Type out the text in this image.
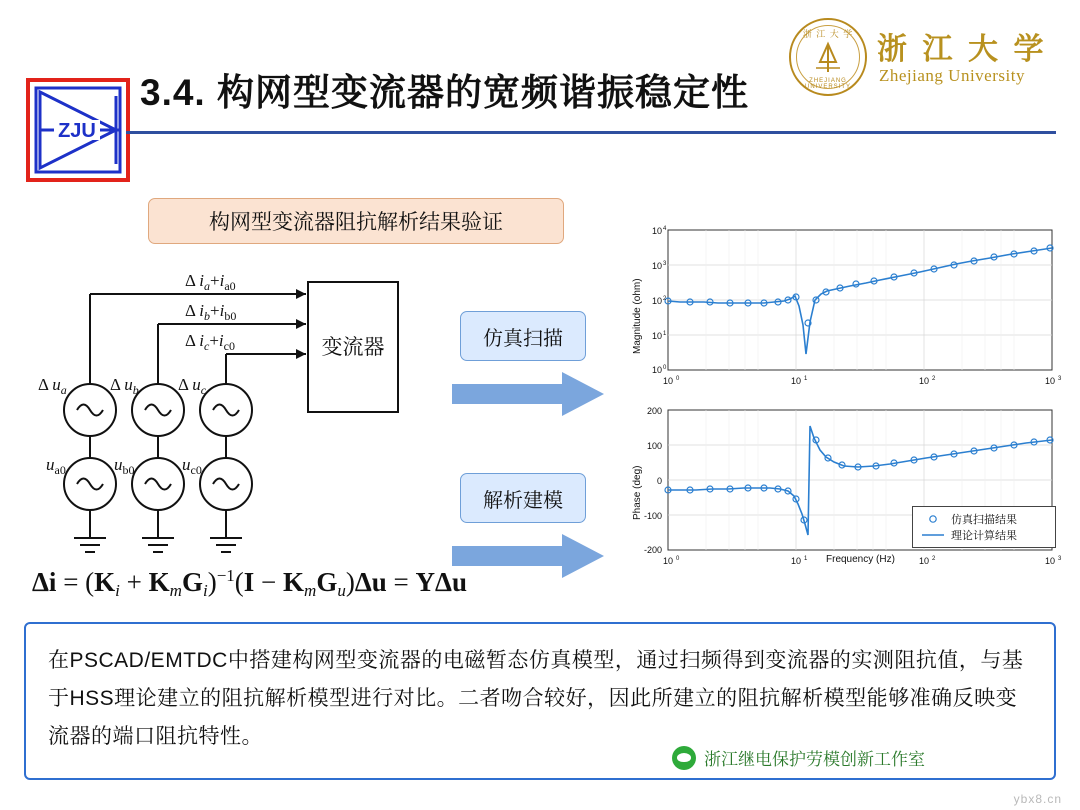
ZJU
3.4. 构网型变流器的宽频谐振稳定性
浙 江 大 学
ZHEJIANG UNIVERSITY
浙 江 大 学
Zhejiang University
构网型变流器阻抗解析结果验证
仿真扫描
解析建模
变流器
Δ $i_a+i_{a0}$
Δ $i_b+i_{b0}$
Δ $i_c+i_{c0}$
Δ $u_a$	Δ $u_b$ Δ $u_c$
$u_{a0}$	$u_{b0}$	$u_{c0}$
Δi = (Ki + KmGi)$^{-1}$(I − KmGu)Δu = YΔu
10 4
10 3
10 2
10 1
10 0
10 0	10 1	10 2	10 3
Magnitude (ohm)
200
100
0
-100
-200
10 0	10 1	10 2	10 3
Phase (deg)
Frequency (Hz)
仿真扫描结果
理论计算结果
在PSCAD/EMTDC中搭建构网型变流器的电磁暂态仿真模型，通过扫频得到变流器的实测阻抗值，与基于HSS理论建立的阻抗解析模型进行对比。二者吻合较好，因此所建立的阻抗解析模型能够准确反映变流器的端口阻抗特性。
浙江继电保护劳模创新工作室
ybx8.cn
